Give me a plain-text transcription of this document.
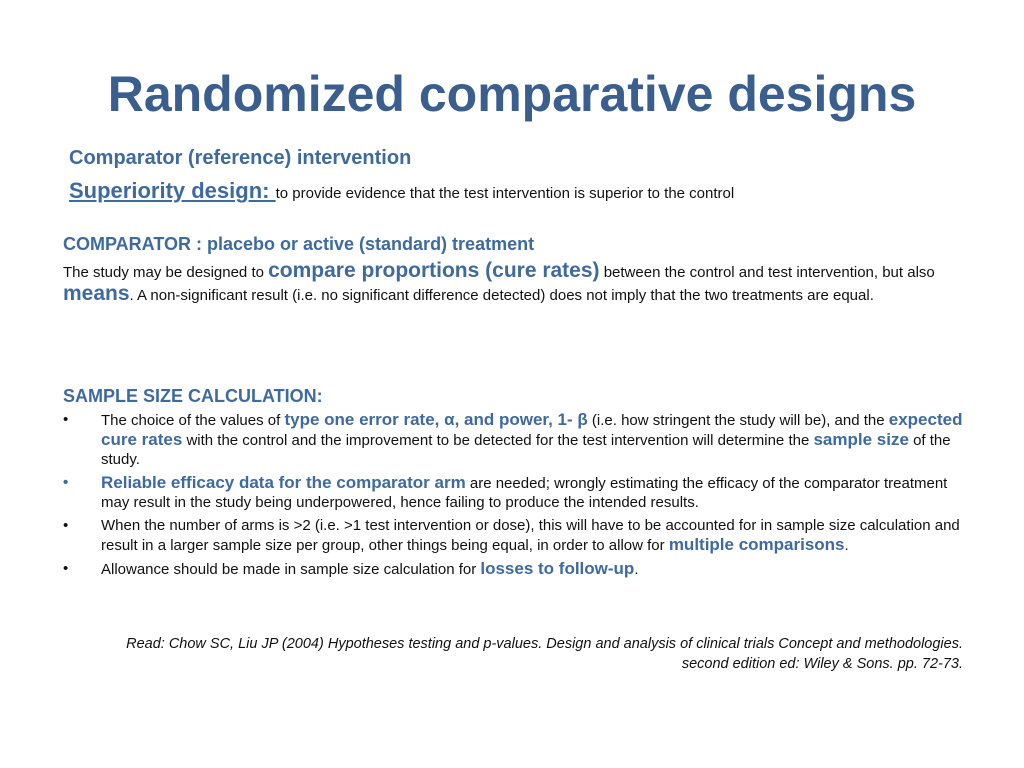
Randomized comparative designs
Comparator (reference) intervention
Superiority design: to provide evidence that the test intervention is superior to the control
COMPARATOR : placebo or active (standard) treatment
The study may be designed to compare proportions (cure rates) between the control and test intervention, but also means. A non-significant result (i.e. no significant difference detected) does not imply that the two treatments are equal.
SAMPLE SIZE CALCULATION:
• The choice of the values of type one error rate, α, and power, 1- β (i.e. how stringent the study will be), and the expected cure rates with the control and the improvement to be detected for the test intervention will determine the sample size of the study.
• Reliable efficacy data for the comparator arm are needed; wrongly estimating the efficacy of the comparator treatment may result in the study being underpowered, hence failing to produce the intended results.
• When the number of arms is >2 (i.e. >1 test intervention or dose), this will have to be accounted for in sample size calculation and result in a larger sample size per group, other things being equal, in order to allow for multiple comparisons.
• Allowance should be made in sample size calculation for losses to follow-up.
Read: Chow SC, Liu JP (2004) Hypotheses testing and p-values. Design and analysis of clinical trials Concept and methodologies. second edition ed: Wiley & Sons. pp. 72-73.
